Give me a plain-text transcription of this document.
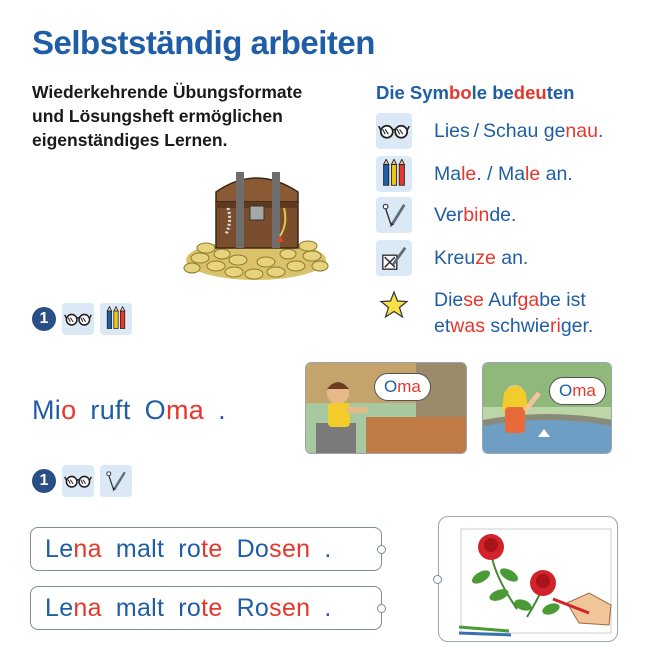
Selbstständig arbeiten
Wiederkehrende Übungsformate
und Lösungsheft ermöglichen
eigenständiges Lernen.
Die Symbole bedeuten
Lies / Schau genau.
Male. / Male an.
Verbinde.
Kreuze an.
Diese Aufgabe ist
etwas schwieriger.
1
Mio ruft Oma .
Oma	Oma
1
Lena malt rote Dosen .
Lena malt rote Rosen .
